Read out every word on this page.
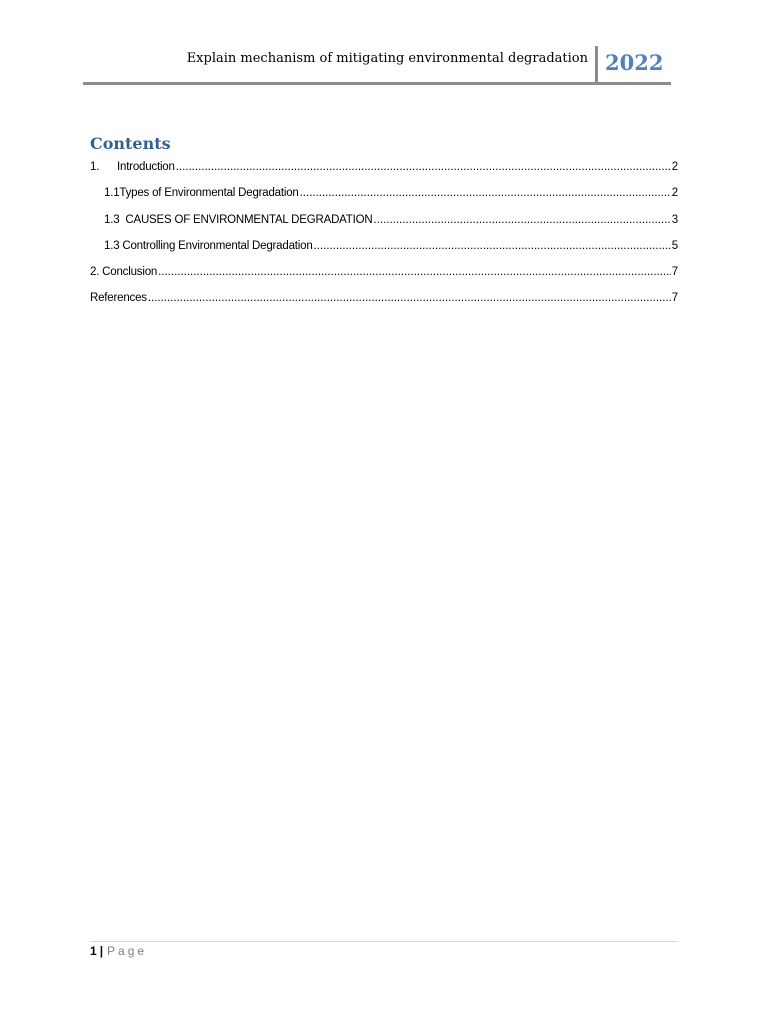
Explain mechanism of mitigating environmental degradation 2022
Contents
1. Introduction .....	2
1.1Types of Environmental Degradation .....	2
1.3  CAUSES OF ENVIRONMENTAL DEGRADATION .....	3
1.3 Controlling Environmental Degradation .....	5
2. Conclusion .....	7
References .....	7
1 | Page
